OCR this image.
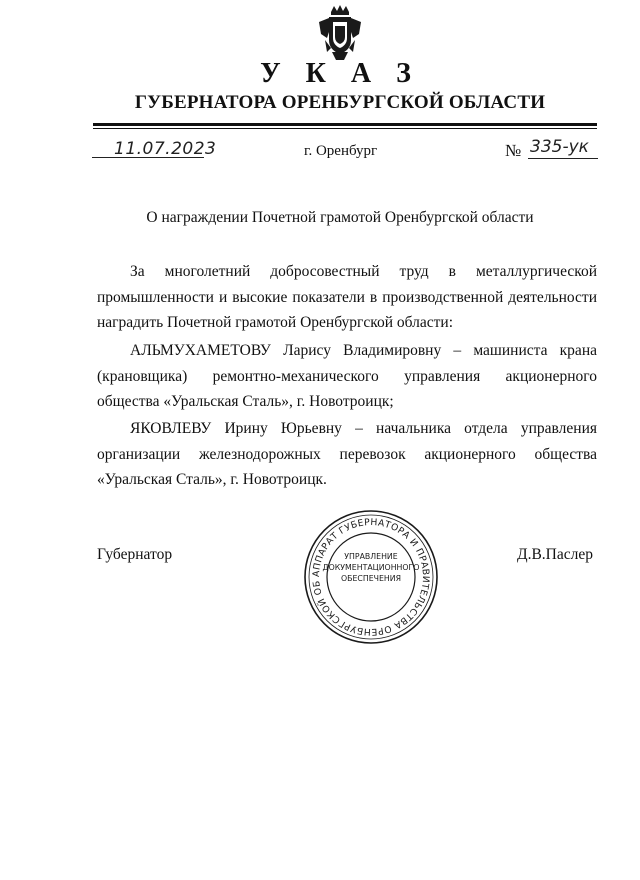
У К А З
ГУБЕРНАТОРА ОРЕНБУРГСКОЙ ОБЛАСТИ
11.07.2023	г. Оренбург	№ 335-ук
О награждении Почетной грамотой Оренбургской области
За многолетний добросовестный труд в металлургической промышленности и высокие показатели в производственной деятельности наградить Почетной грамотой Оренбургской области:
АЛЬМУХАМЕТОВУ Ларису Владимировну – машиниста крана (крановщика) ремонтно-механического управления акционерного общества «Уральская Сталь», г. Новотроицк;
ЯКОВЛЕВУ Ирину Юрьевну – начальника отдела управления организации железнодорожных перевозок акционерного общества «Уральская Сталь», г. Новотроицк.
Губернатор	Д.В.Паслер
АППАРАТ ГУБЕРНАТОРА И ПРАВИТЕЛЬСТВА ОРЕНБУРГСКОЙ ОБ
УПРАВЛЕНИЕ
ДОКУМЕНТАЦИОННОГО
ОБЕСПЕЧЕНИЯ
